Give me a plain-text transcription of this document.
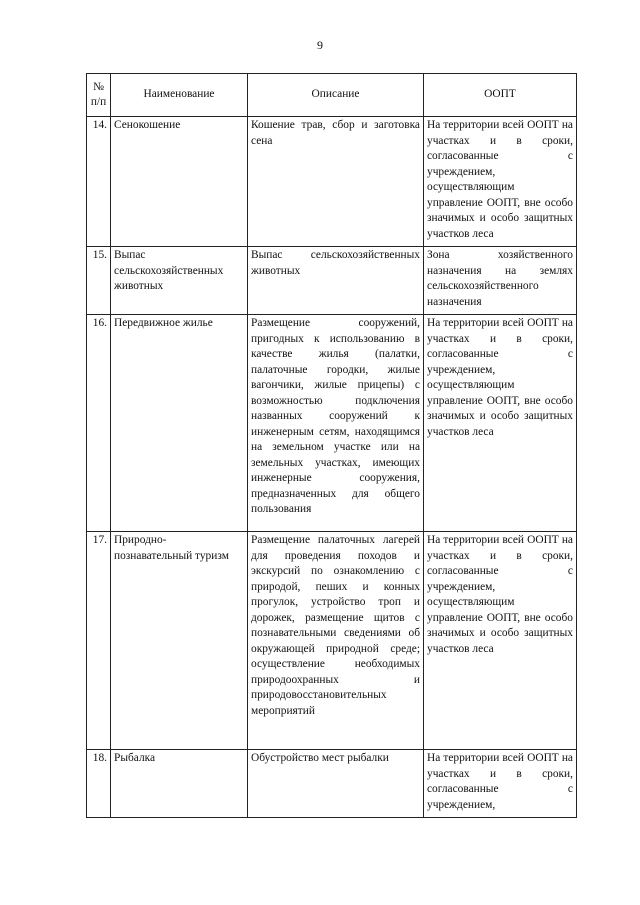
9
№ п/п	Наименование	Описание	ООПТ
14.	Сенокошение	Кошение трав, сбор и заготовка сена	На территории всей ООПТ на участках и в сроки, согласованные с учреждением, осуществляющим управление ООПТ, вне особо значимых и особо защитных участков леса
15.	Выпас сельскохозяйственных животных	Выпас сельскохозяйственных животных	Зона хозяйственного назначения на землях сельскохозяйственного назначения
16.	Передвижное жилье	Размещение сооружений, пригодных к использованию в качестве жилья (палатки, палаточные городки, жилые вагончики, жилые прицепы) с возможностью подключения названных сооружений к инженерным сетям, находящимся на земельном участке или на земельных участках, имеющих инженерные сооружения, предназначенных для общего пользования	На территории всей ООПТ на участках и в сроки, согласованные с учреждением, осуществляющим управление ООПТ, вне особо значимых и особо защитных участков леса
17.	Природно-познавательный туризм	Размещение палаточных лагерей для проведения походов и экскурсий по ознакомлению с природой, пеших и конных прогулок, устройство троп и дорожек, размещение щитов с познавательными сведениями об окружающей природной среде; осуществление необходимых природоохранных и природовосстановительных мероприятий	На территории всей ООПТ на участках и в сроки, согласованные с учреждением, осуществляющим управление ООПТ, вне особо значимых и особо защитных участков леса
18.	Рыбалка	Обустройство мест рыбалки	На территории всей ООПТ на участках и в сроки, согласованные с учреждением,
